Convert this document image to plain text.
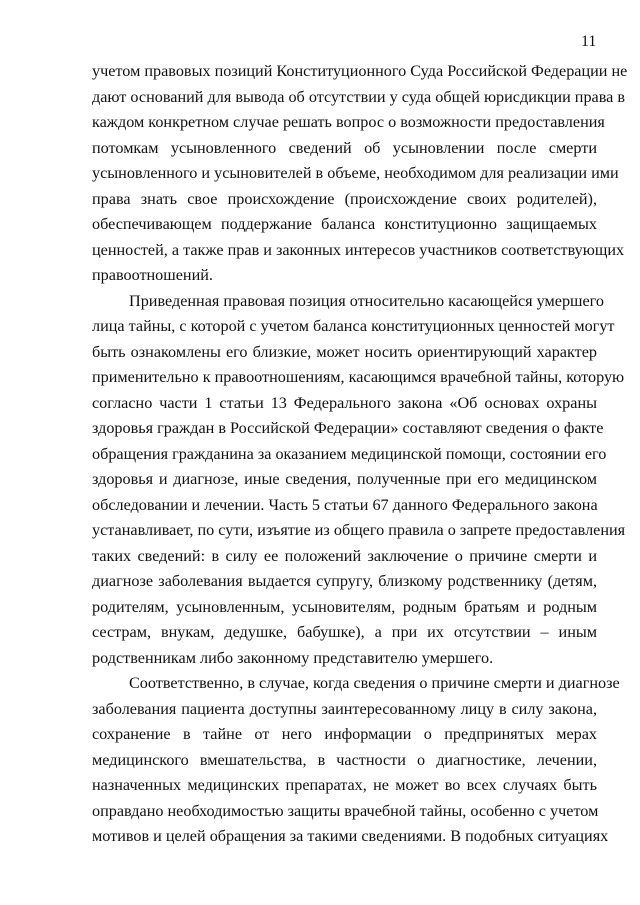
11
учетом правовых позиций Конституционного Суда Российской Федерации не
дают оснований для вывода об отсутствии у суда общей юрисдикции права в
каждом конкретном случае решать вопрос о возможности предоставления
потомкам усыновленного сведений об усыновлении после смерти
усыновленного и усыновителей в объеме, необходимом для реализации ими
права знать свое происхождение (происхождение своих родителей),
обеспечивающем поддержание баланса конституционно защищаемых
ценностей, а также прав и законных интересов участников соответствующих
правоотношений.
Приведенная правовая позиция относительно касающейся умершего
лица тайны, с которой с учетом баланса конституционных ценностей могут
быть ознакомлены его близкие, может носить ориентирующий характер
применительно к правоотношениям, касающимся врачебной тайны, которую
согласно части 1 статьи 13 Федерального закона «Об основах охраны
здоровья граждан в Российской Федерации» составляют сведения о факте
обращения гражданина за оказанием медицинской помощи, состоянии его
здоровья и диагнозе, иные сведения, полученные при его медицинском
обследовании и лечении. Часть 5 статьи 67 данного Федерального закона
устанавливает, по сути, изъятие из общего правила о запрете предоставления
таких сведений: в силу ее положений заключение о причине смерти и
диагнозе заболевания выдается супругу, близкому родственнику (детям,
родителям, усыновленным, усыновителям, родным братьям и родным
сестрам, внукам, дедушке, бабушке), а при их отсутствии – иным
родственникам либо законному представителю умершего.
Соответственно, в случае, когда сведения о причине смерти и диагнозе
заболевания пациента доступны заинтересованному лицу в силу закона,
сохранение в тайне от него информации о предпринятых мерах
медицинского вмешательства, в частности о диагностике, лечении,
назначенных медицинских препаратах, не может во всех случаях быть
оправдано необходимостью защиты врачебной тайны, особенно с учетом
мотивов и целей обращения за такими сведениями. В подобных ситуациях
